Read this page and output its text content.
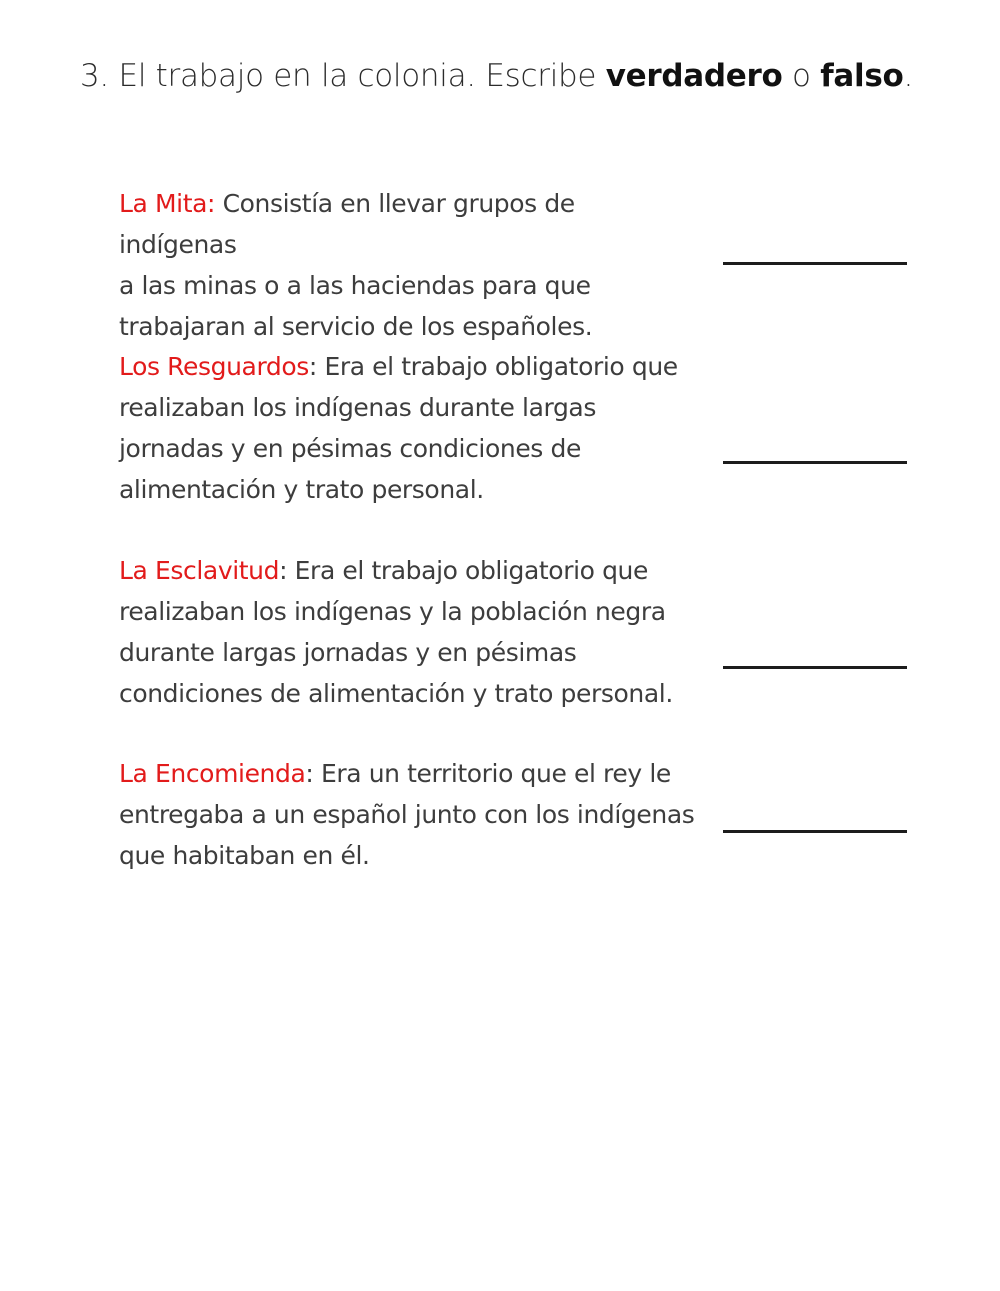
3. El trabajo en la colonia. Escribe verdadero o falso.
La Mita: Consistía en llevar grupos de indígenas
a las minas o a las haciendas para que
trabajaran al servicio de los españoles.
Los Resguardos: Era el trabajo obligatorio que
realizaban los indígenas durante largas
jornadas y en pésimas condiciones de
alimentación y trato personal.
La Esclavitud: Era el trabajo obligatorio que
realizaban los indígenas y la población negra
durante largas jornadas y en pésimas
condiciones de alimentación y trato personal.
La Encomienda: Era un territorio que el rey le
entregaba a un español junto con los indígenas
que habitaban en él.
